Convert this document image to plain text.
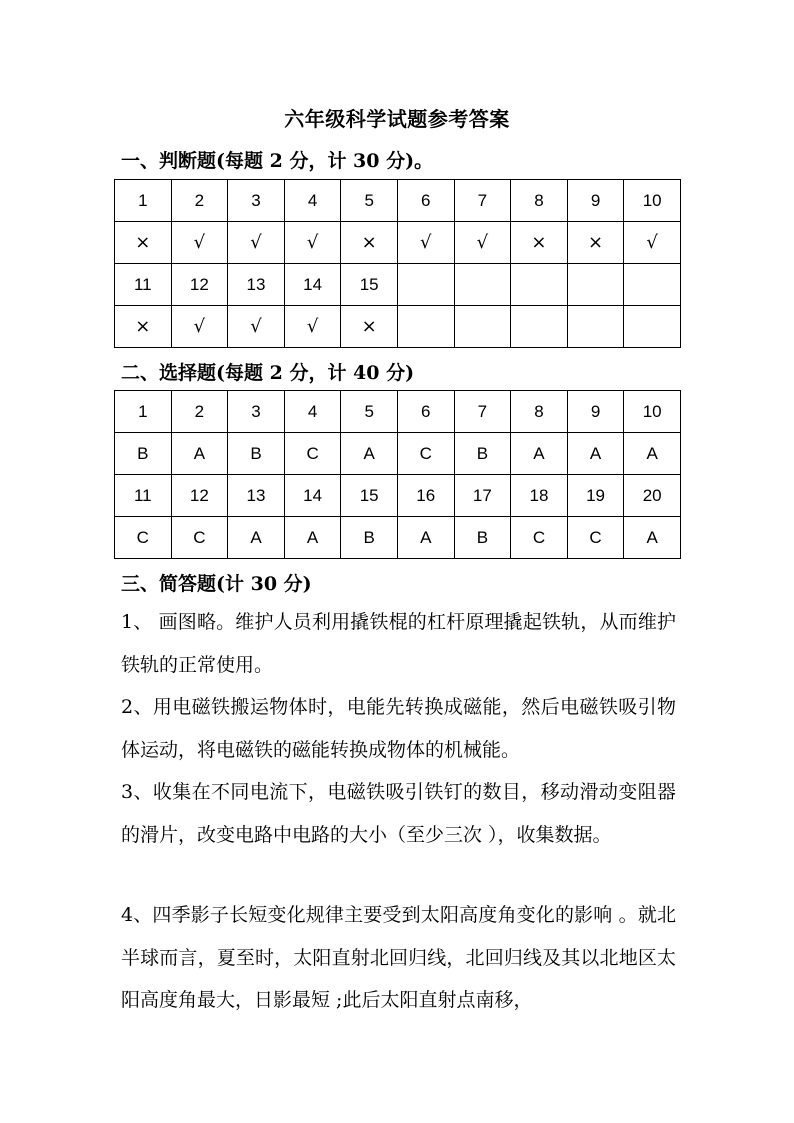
六年级科学试题参考答案
一、判断题(每题 2 分，计 30 分)。
1	2	3	4	5	6	7	8	9	10
×	√	√	√	×	√	√	×	×	√
11	12	13	14	15					
×	√	√	√	×					
二、选择题(每题 2 分，计 40 分)
1	2	3	4	5	6	7	8	9	10
B	A	B	C	A	C	B	A	A	A
11	12	13	14	15	16	17	18	19	20
C	C	A	A	B	A	B	C	C	A
三、简答题(计 30 分)
1、 画图略。维护人员利用撬铁棍的杠杆原理撬起铁轨，从而维护铁轨的正常使用。
2、用电磁铁搬运物体时，电能先转换成磁能，然后电磁铁吸引物体运动，将电磁铁的磁能转换成物体的机械能。
3、收集在不同电流下，电磁铁吸引铁钉的数目，移动滑动变阻器的滑片，改变电路中电路的大小（至少三次 ），收集数据。
4、四季影子长短变化规律主要受到太阳高度角变化的影响 。就北半球而言，夏至时，太阳直射北回归线，北回归线及其以北地区太阳高度角最大，日影最短 ;此后太阳直射点南移，
